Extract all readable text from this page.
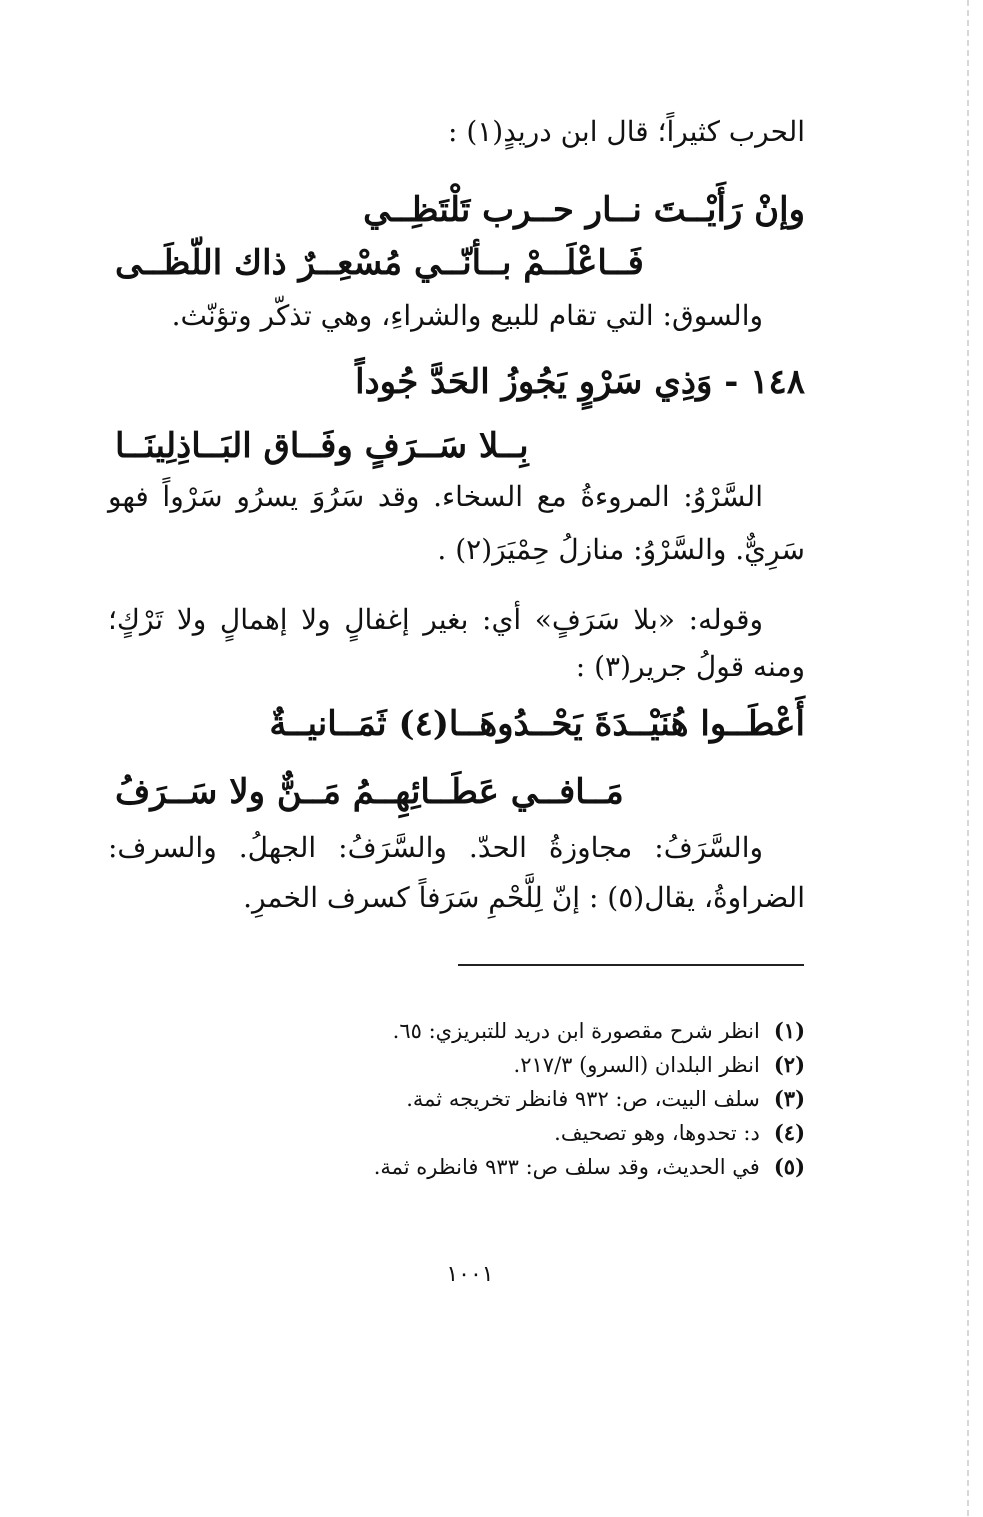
الحرب كثيراً؛ قال ابن دريدٍ(١) :
وإنْ رَأَيْــتَ نــار حــرب تَلْتَظِــي
فَــاعْلَــمْ بــأنّــي مُسْعِــرٌ ذاك اللّظَــى
والسوق: التي تقام للبيع والشراءِ، وهي تذكّر وتؤنّث.
١٤٨ - وَذِي سَرْوٍ يَجُوزُ الحَدَّ جُوداً
بِــلا سَــرَفٍ وفَــاق البَــاذِلِينَــا
السَّرْوُ: المروءةُ مع السخاء. وقد سَرُوَ يسرُو سَرْواً فهو
سَرِيٌّ. والسَّرْوُ: منازلُ حِمْيَرَ(٢) .
وقوله: «بلا سَرَفٍ» أي: بغير إغفالٍ ولا إهمالٍ ولا تَرْكٍ؛
ومنه قولُ جرير(٣) :
أَعْطَــوا هُنَيْــدَةَ يَحْــدُوهَــا(٤) ثَمَــانيــةٌ
مَــافــي عَطَــائِهِــمُ مَــنٌّ ولا سَــرَفُ
والسَّرَفُ: مجاوزةُ الحدّ. والسَّرَفُ: الجهلُ. والسرف:
الضراوةُ، يقال(٥) : إنّ لِلَّحْمِ سَرَفاً كسرف الخمرِ.
(١)انظر شرح مقصورة ابن دريد للتبريزي: ٦٥.
(٢)انظر البلدان (السرو) ٢١٧/٣.
(٣)سلف البيت، ص: ٩٣٢ فانظر تخريجه ثمة.
(٤)د: تحدوها، وهو تصحيف.
(٥)في الحديث، وقد سلف ص: ٩٣٣ فانظره ثمة.
١٠٠١
